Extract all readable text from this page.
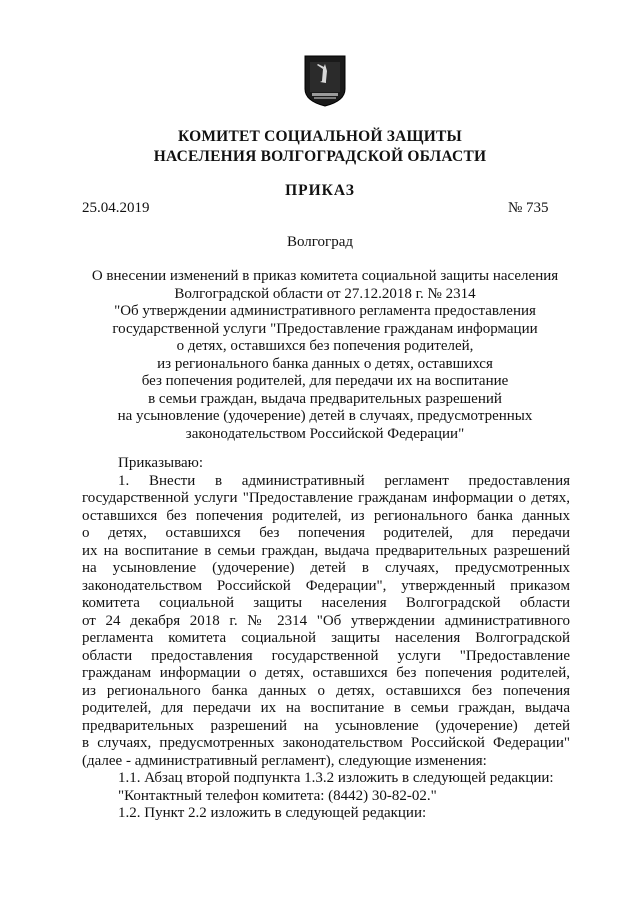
КОМИТЕТ СОЦИАЛЬНОЙ ЗАЩИТЫ
НАСЕЛЕНИЯ ВОЛГОГРАДСКОЙ ОБЛАСТИ
ПРИКАЗ
25.04.2019	№ 735
Волгоград
О внесении изменений в приказ комитета социальной защиты населения
Волгоградской области от 27.12.2018 г. № 2314
"Об утверждении административного регламента предоставления
государственной услуги "Предоставление гражданам информации
о детях, оставшихся без попечения родителей,
из регионального банка данных о детях, оставшихся
без попечения родителей, для передачи их на воспитание
в семьи граждан, выдача предварительных разрешений
на усыновление (удочерение) детей в случаях, предусмотренных
законодательством Российской Федерации"
Приказываю:
1. Внести в административный регламент предоставления
государственной услуги "Предоставление гражданам информации о детях,
оставшихся без попечения родителей, из регионального банка данных
о детях, оставшихся без попечения родителей, для передачи
их на воспитание в семьи граждан, выдача предварительных разрешений
на усыновление (удочерение) детей в случаях, предусмотренных
законодательством Российской Федерации", утвержденный приказом
комитета социальной защиты населения Волгоградской области
от 24 декабря 2018 г. № 2314 "Об утверждении административного
регламента комитета социальной защиты населения Волгоградской
области предоставления государственной услуги "Предоставление
гражданам информации о детях, оставшихся без попечения родителей,
из регионального банка данных о детях, оставшихся без попечения
родителей, для передачи их на воспитание в семьи граждан, выдача
предварительных разрешений на усыновление (удочерение) детей
в случаях, предусмотренных законодательством Российской Федерации"
(далее - административный регламент), следующие изменения:
1.1. Абзац второй подпункта 1.3.2 изложить в следующей редакции:
"Контактный телефон комитета: (8442) 30-82-02."
1.2. Пункт 2.2 изложить в следующей редакции:
